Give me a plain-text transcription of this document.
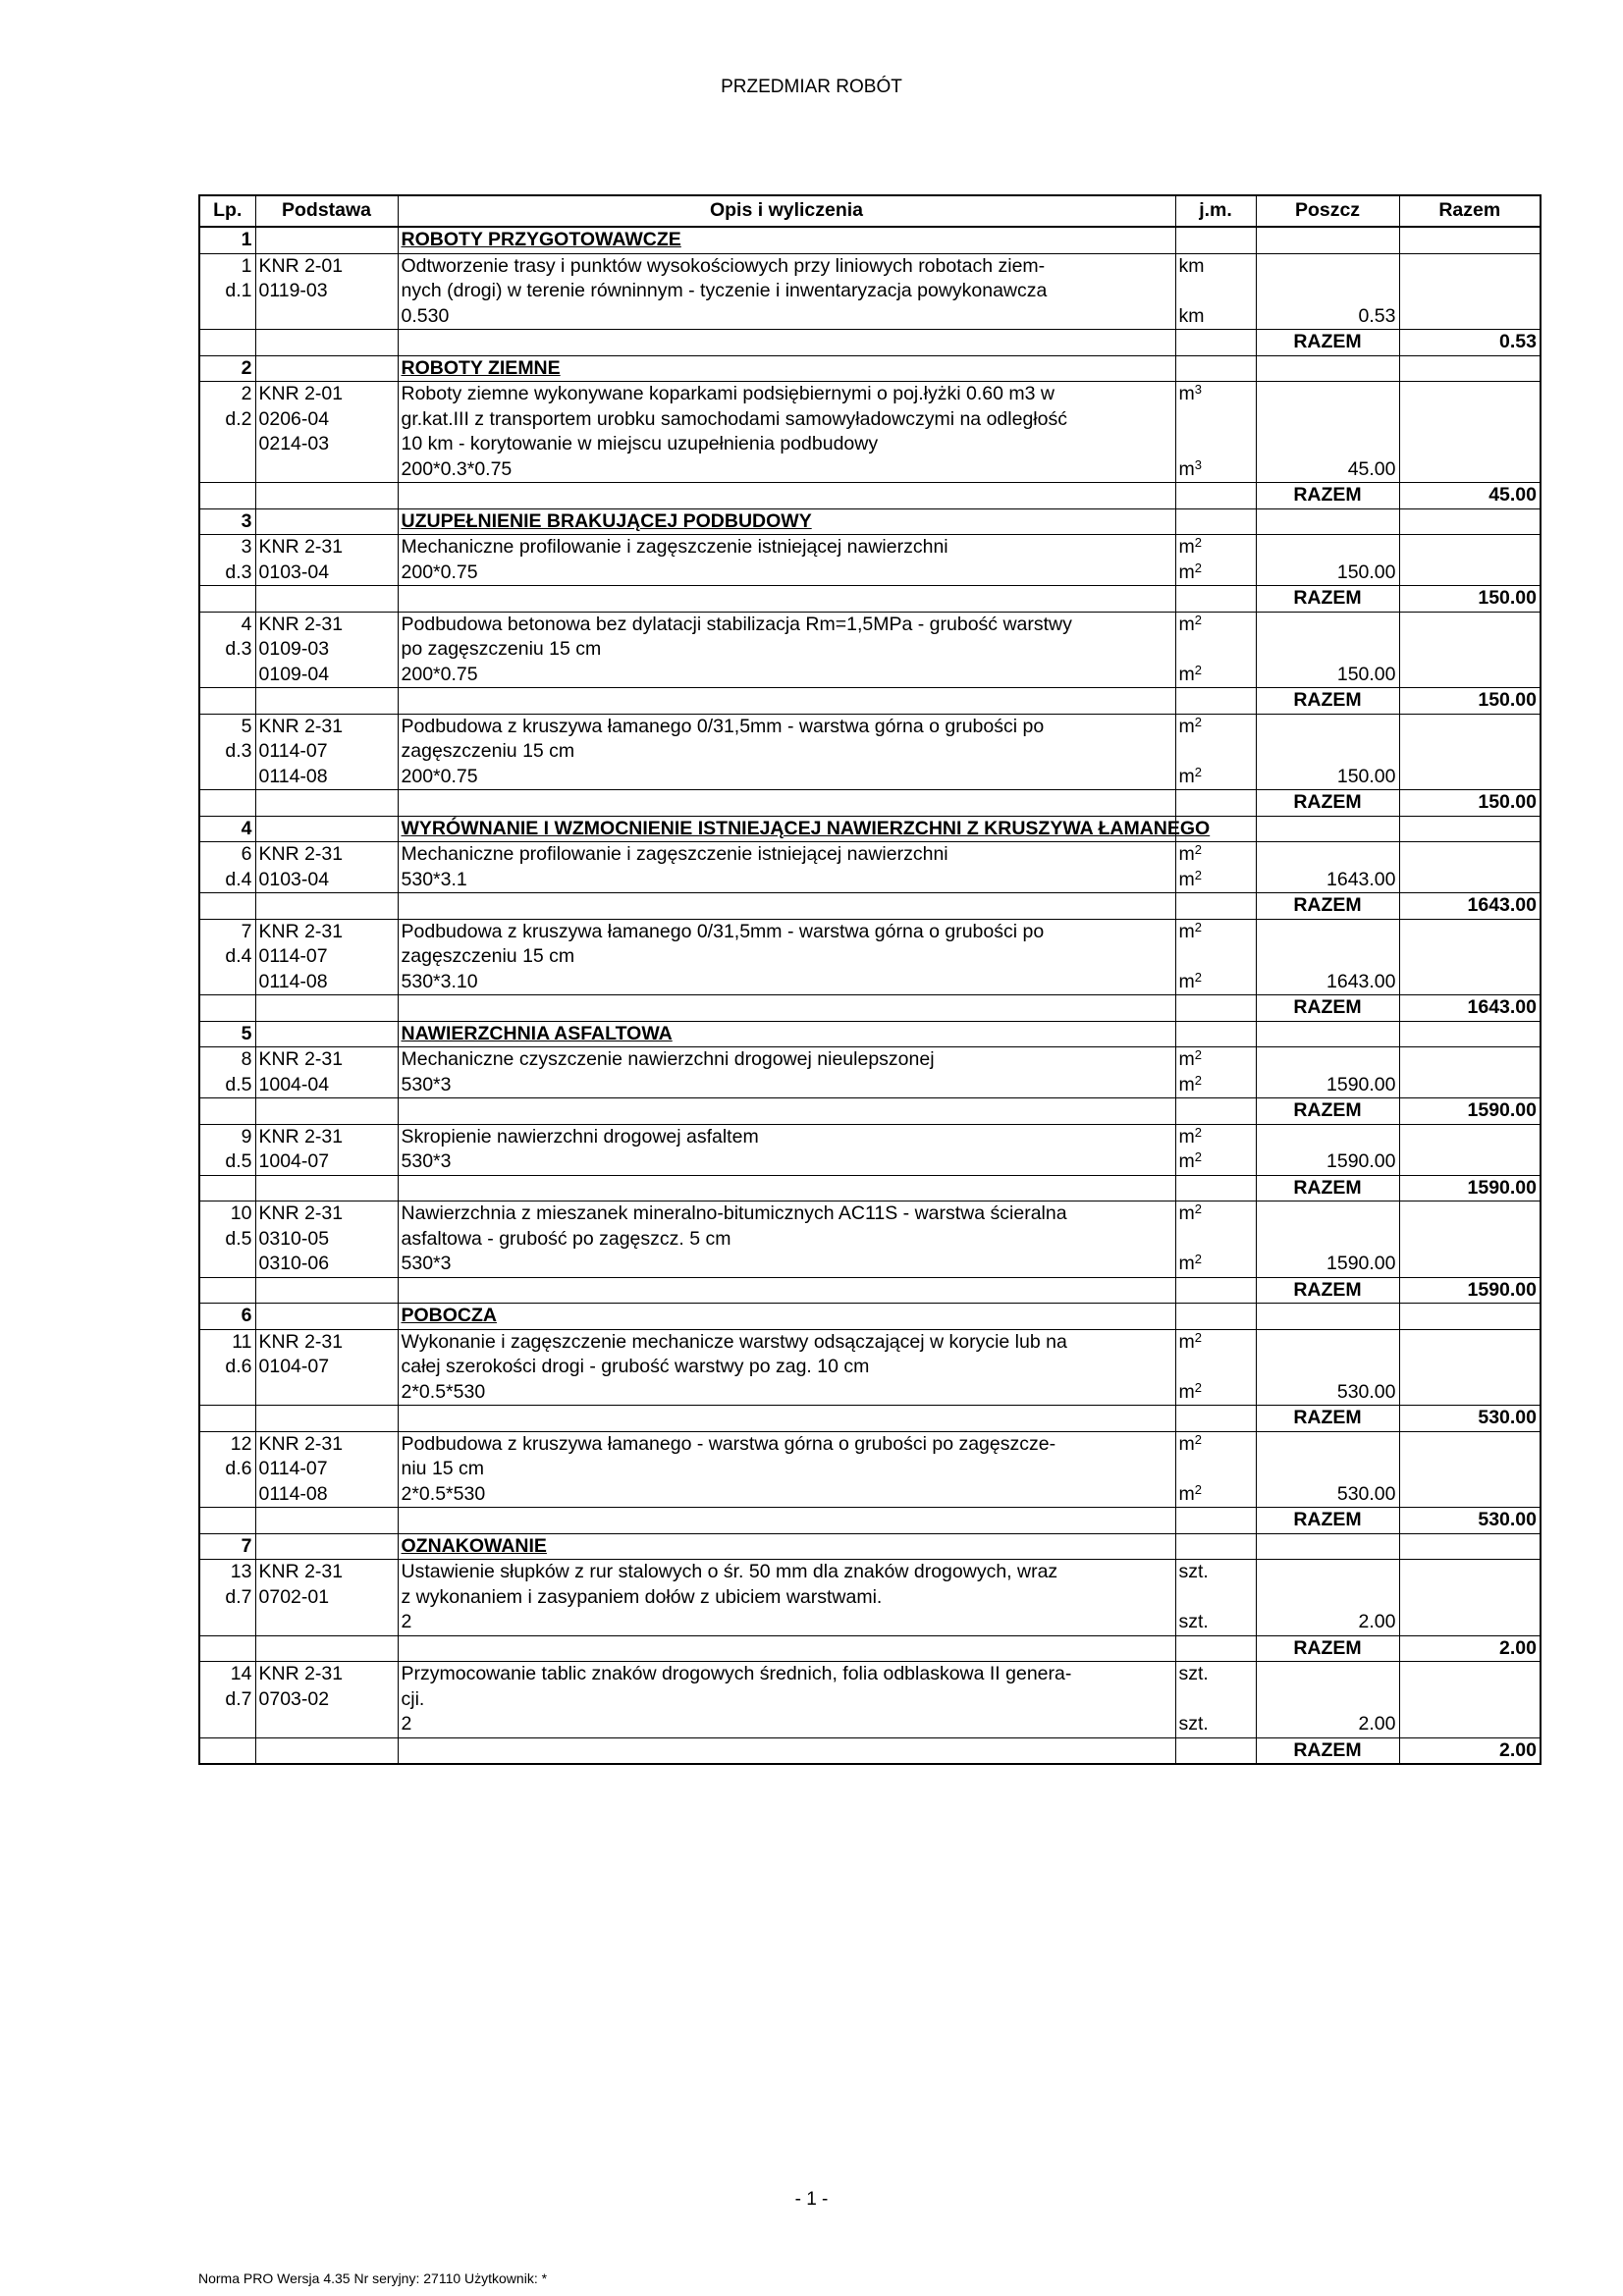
PRZEDMIAR ROBÓT
Lp.	Podstawa	Opis i wyliczenia	j.m.	Poszcz	Razem
1		ROBOTY PRZYGOTOWAWCZE			
1	KNR 2-01	Odtworzenie trasy i punktów wysokościowych przy liniowych robotach ziem-	km		
d.1	0119-03	nych (drogi) w terenie równinnym - tyczenie i inwentaryzacja powykonawcza			
		0.530	km	0.53	
				RAZEM	0.53
2		ROBOTY ZIEMNE			
2	KNR 2-01	Roboty ziemne wykonywane koparkami podsiębiernymi o poj.łyżki 0.60 m3 w	$m^3$		
d.2	0206-04	gr.kat.III z transportem urobku samochodami samowyładowczymi na odległość			
	0214-03	10 km - korytowanie w miejscu uzupełnienia podbudowy			
		200*0.3*0.75	$m^3$	45.00	
				RAZEM	45.00
3		UZUPEŁNIENIE BRAKUJĄCEJ PODBUDOWY			
3	KNR 2-31	Mechaniczne profilowanie i zagęszczenie istniejącej nawierzchni	$m^2$		
d.3	0103-04	200*0.75	$m^2$	150.00	
				RAZEM	150.00
4	KNR 2-31	Podbudowa betonowa bez dylatacji stabilizacja Rm=1,5MPa - grubość warstwy	$m^2$		
d.3	0109-03	po zagęszczeniu 15 cm			
	0109-04	200*0.75	$m^2$	150.00	
				RAZEM	150.00
5	KNR 2-31	Podbudowa z kruszywa łamanego 0/31,5mm - warstwa górna o grubości po	$m^2$		
d.3	0114-07	zagęszczeniu 15 cm			
	0114-08	200*0.75	$m^2$	150.00	
				RAZEM	150.00
4		WYRÓWNANIE I WZMOCNIENIE ISTNIEJĄCEJ NAWIERZCHNI Z KRUSZYWA ŁAMANEGO			
6	KNR 2-31	Mechaniczne profilowanie i zagęszczenie istniejącej nawierzchni	$m^2$		
d.4	0103-04	530*3.1	$m^2$	1643.00	
				RAZEM	1643.00
7	KNR 2-31	Podbudowa z kruszywa łamanego 0/31,5mm - warstwa górna o grubości po	$m^2$		
d.4	0114-07	zagęszczeniu 15 cm			
	0114-08	530*3.10	$m^2$	1643.00	
				RAZEM	1643.00
5		NAWIERZCHNIA ASFALTOWA			
8	KNR 2-31	Mechaniczne czyszczenie nawierzchni drogowej nieulepszonej	$m^2$		
d.5	1004-04	530*3	$m^2$	1590.00	
				RAZEM	1590.00
9	KNR 2-31	Skropienie nawierzchni drogowej asfaltem	$m^2$		
d.5	1004-07	530*3	$m^2$	1590.00	
				RAZEM	1590.00
10	KNR 2-31	Nawierzchnia z mieszanek mineralno-bitumicznych AC11S - warstwa ścieralna	$m^2$		
d.5	0310-05	asfaltowa - grubość po zagęszcz. 5 cm			
	0310-06	530*3	$m^2$	1590.00	
				RAZEM	1590.00
6		POBOCZA			
11	KNR 2-31	Wykonanie i zagęszczenie mechanicze warstwy odsączającej w korycie lub na	$m^2$		
d.6	0104-07	całej szerokości drogi - grubość warstwy po zag. 10 cm			
		2*0.5*530	$m^2$	530.00	
				RAZEM	530.00
12	KNR 2-31	Podbudowa z kruszywa łamanego - warstwa górna o grubości po zagęszcze-	$m^2$		
d.6	0114-07	niu 15 cm			
	0114-08	2*0.5*530	$m^2$	530.00	
				RAZEM	530.00
7		OZNAKOWANIE			
13	KNR 2-31	Ustawienie słupków z rur stalowych o śr. 50 mm dla znaków drogowych, wraz	szt.		
d.7	0702-01	z wykonaniem i zasypaniem dołów z ubiciem warstwami.			
		2	szt.	2.00	
				RAZEM	2.00
14	KNR 2-31	Przymocowanie tablic znaków drogowych średnich, folia odblaskowa II genera-	szt.		
d.7	0703-02	cji.			
		2	szt.	2.00	
				RAZEM	2.00
- 1 -
Norma PRO Wersja 4.35 Nr seryjny: 27110 Użytkownik: *
